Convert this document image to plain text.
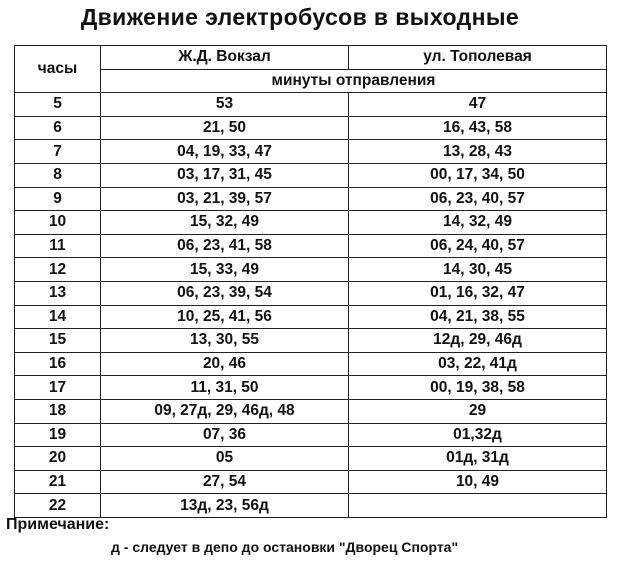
Движение электробусов в выходные
часы	Ж.Д. Вокзал	ул. Тополевая
	минуты отправления	
5	53	47
6	21, 50	16, 43, 58
7	04, 19, 33, 47	13, 28, 43
8	03, 17, 31, 45	00, 17, 34, 50
9	03, 21, 39, 57	06, 23, 40, 57
10	15, 32, 49	14, 32, 49
11	06, 23, 41, 58	06, 24, 40, 57
12	15, 33, 49	14, 30, 45
13	06, 23, 39, 54	01, 16, 32, 47
14	10, 25, 41, 56	04, 21, 38, 55
15	13, 30, 55	12д, 29, 46д
16	20, 46	03, 22, 41д
17	11, 31, 50	00, 19, 38, 58
18	09, 27д, 29, 46д, 48	29
19	07, 36	01,32д
20	05	01д, 31д
21	27, 54	10, 49
22	13д, 23, 56д	
Примечание:
д - следует в депо до остановки "Дворец Спорта"
